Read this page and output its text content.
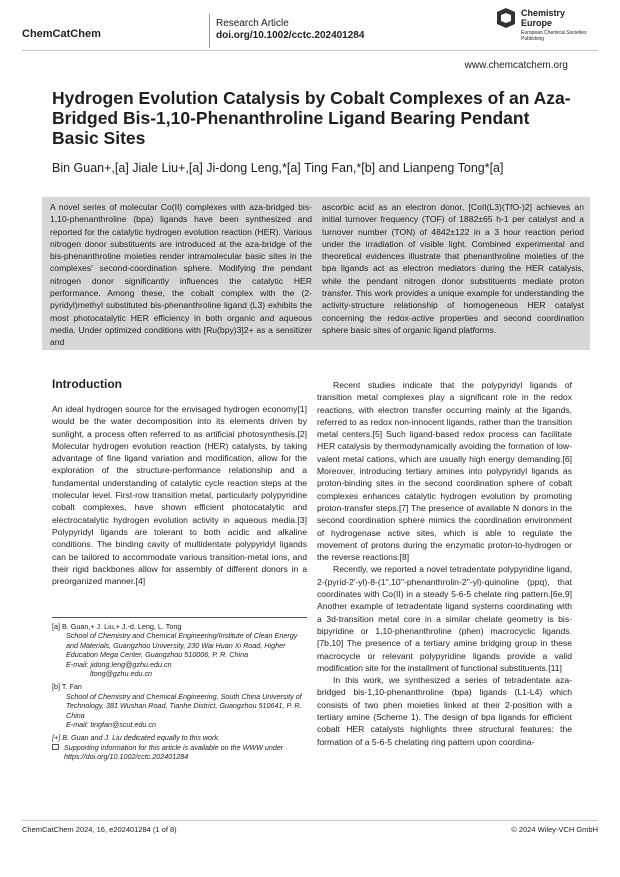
ChemCatChem
Research Article
doi.org/10.1002/cctc.202401284
Chemistry
Europe
European Chemical Societies Publishing
www.chemcatchem.org
Hydrogen Evolution Catalysis by Cobalt Complexes of an Aza-Bridged Bis-1,10-Phenanthroline Ligand Bearing Pendant Basic Sites
Bin Guan+,[a] Jiale Liu+,[a] Ji-dong Leng,*[a] Ting Fan,*[b] and Lianpeng Tong*[a]
A novel series of molecular Co(II) complexes with aza-bridged bis-1,10-phenanthroline (bpa) ligands have been synthesized and reported for the catalytic hydrogen evolution reaction (HER). Various nitrogen donor substituents are introduced at the aza-bridge of the bis-phenanthroline moieties render intramolecular basic sites in the complexes' second-coordination sphere. Modifying the pendant nitrogen donor significantly influences the catalytic HER performance. Among these, the cobalt complex with the (2-pyridyl)methyl substituted bis-phenanthroline ligand (L3) exhibits the most photocatalytic HER efficiency in both organic and aqueous media. Under optimized conditions with [Ru(bpy)3]2+ as a sensitizer and
ascorbic acid as an electron donor, [CoII(L3)(TfO-)2] achieves an initial turnover frequency (TOF) of 1882±65 h-1 per catalyst and a turnover number (TON) of 4842±122 in a 3 hour reaction period under the irradiation of visible light. Combined experimental and theoretical evidences illustrate that phenanthroline moieties of the bpa ligands act as electron mediators during the HER catalysis, while the pendant nitrogen donor substituents mediate proton transfer. This work provides a unique example for understanding the activity-structure relationship of homogeneous HER catalyst concerning the redox-active properties and second coordination sphere basic sites of organic ligand platforms.
Introduction
An ideal hydrogen source for the envisaged hydrogen economy[1] would be the water decomposition into its elements driven by sunlight, a process often referred to as artificial photosynthesis.[2] Molecular hydrogen evolution reaction (HER) catalysts, by taking advantage of fine ligand variation and modification, allow for the exploration of the structure-performance relationship and a fundamental understanding of catalytic cycle reaction steps at the molecular level. First-row transition metal, particularly polypyridine cobalt complexes, have shown efficient photocatalytic and electrocatalytic hydrogen evolution activity in aqueous media.[3] Polypyridyl ligands are tolerant to both acidic and alkaline conditions. The binding cavity of multidentate polypyridyl ligands can be tailored to accommodate various transition-metal ions, and their rigid backbones allow for assembly of different donors in a preorganized manner.[4]
[a] B. Guan,+ J. Liu,+ J.-d. Leng, L. Tong
School of Chemistry and Chemical Engineering/Institute of Clean Energy and Materials, Guangzhou University, 230 Wai Huan Xi Road, Higher Education Mega Center, Guangzhou 510006, P. R. China
E-mail: jidong.leng@gzhu.edu.cn
ltong@gzhu.edu.cn
[b] T. Fan
School of Chemistry and Chemical Engineering, South China University of Technology, 381 Wushan Road, Tianhe District, Guangzhou 510641, P. R. China
E-mail: tingfan@scut.edu.cn
[+] B. Guan and J. Liu dedicated equally to this work.
Supporting information for this article is available on the WWW under https://doi.org/10.1002/cctc.202401284
Recent studies indicate that the polypyridyl ligands of transition metal complexes play a significant role in the redox reactions, with electron transfer occurring mainly at the ligands, referred to as redox non-innocent ligands, rather than the transition metal centers.[5] Such ligand-based redox process can facilitate HER catalysis by thermodynamically avoiding the formation of low-valent metal cations, which are usually high energy demanding.[6] Moreover, introducing tertiary amines into polypyridyl ligands as proton-binding sites in the second coordination sphere of cobalt complexes enhances catalytic hydrogen evolution by promoting proton-transfer steps.[7] The presence of available N donors in the second coordination sphere mimics the coordination environment of hydrogenase active sites, which is able to regulate the movement of protons during the enzymatic proton-to-hydrogen or the reverse reactions.[8]
Recently, we reported a novel tetradentate polypyridine ligand, 2-(pyrid-2'-yl)-8-(1'',10''-phenanthrolin-2''-yl)-quinoline (ppq), that coordinates with Co(II) in a steady 5-6-5 chelate ring pattern.[6e,9] Another example of tetradentate ligand systems coordinating with a 3d-transition metal core in a similar chelate geometry is bis-bipyridine or 1,10-phenanthroline (phen) macrocyclic ligands.[7b,10] The presence of a tertiary amine bridging group in these macrocycle or relevant polypyridine ligands provide a valid modification site for the installment of functional substituents.[11]
In this work, we synthesized a series of tetradentate aza-bridged bis-1,10-phenanthroline (bpa) ligands (L1-L4) which consists of two phen moieties linked at their 2-position with a tertiary amine (Scheme 1). The design of bpa ligands for efficient cobalt HER catalysts highlights three structural features: the formation of a 5-6-5 chelating ring pattern upon coordina-
ChemCatChem 2024, 16, e202401284 (1 of 8)	© 2024 Wiley-VCH GmbH
